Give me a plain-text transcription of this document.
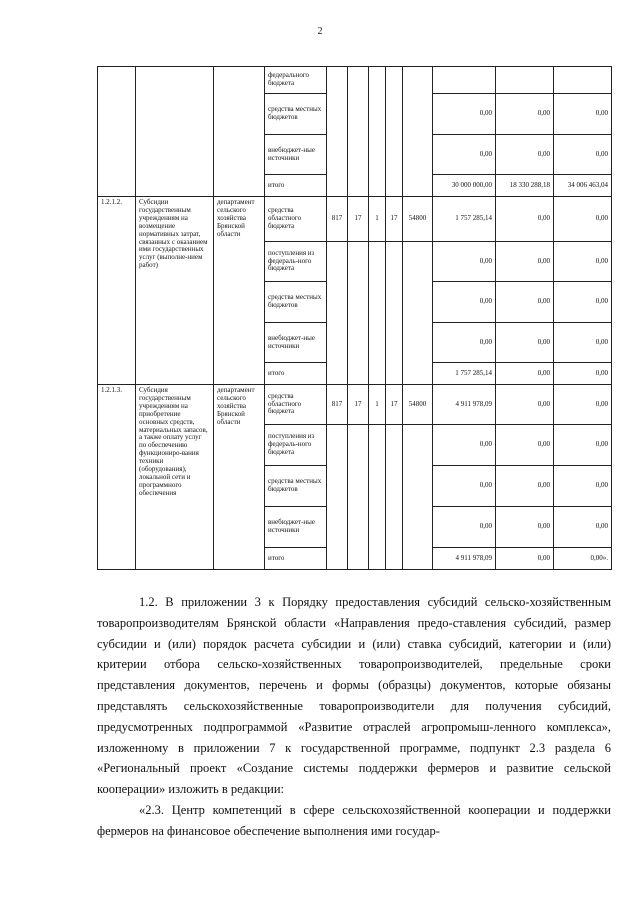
2
			федерального бюджета								
			средства местных бюджетов						0,00	0,00	0,00
			внебюджет-ные источники						0,00	0,00	0,00
			итого						30 000 000,00	18 330 288,18	34 006 463,04
1.2.1.2.	Субсидии государственным учреждениям на возмещение нормативных затрат, связанных с оказанием ими государственных услуг (выполне-нием работ)	департамент сельского хозяйства Брянской области	средства областного бюджета	817	17	1	17	54800	1 757 285,14	0,00	0,00
			поступления из федераль-ного бюджета						0,00	0,00	0,00
			средства местных бюджетов						0,00	0,00	0,00
			внебюджет-ные источники						0,00	0,00	0,00
			итого						1 757 285,14	0,00	0,00
1.2.1.3.	Субсидия государственным учреждениям на приобретение основных средств, материальных запасов, а также оплату услуг по обеспечению функциониро-вания техники (оборудования), локальной сети и программного обеспечения	департамент сельского хозяйства Брянской области	средства областного бюджета	817	17	1	17	54800	4 911 978,09	0,00	0,00
			поступления из федераль-ного бюджета						0,00	0,00	0,00
			средства местных бюджетов						0,00	0,00	0,00
			внебюджет-ные источники						0,00	0,00	0,00
			итого						4 911 978,09	0,00	0,00».

1.2. В приложении 3 к Порядку предоставления субсидий сельско-хозяйственным товаропроизводителям Брянской области «Направления предо-ставления субсидий, размер субсидии и (или) порядок расчета субсидии и (или) ставка субсидий, категории и (или) критерии отбора сельско-хозяйственных товаропроизводителей, предельные сроки представления документов, перечень и формы (образцы) документов, которые обязаны представлять сельскохозяйственные товаропроизводители для получения субсидий, предусмотренных подпрограммой «Развитие отраслей агропромыш-ленного комплекса», изложенному в приложении 7 к государственной программе, подпункт 2.3 раздела 6 «Региональный проект «Создание системы поддержки фермеров и развитие сельской кооперации» изложить в редакции:

«2.3. Центр компетенций в сфере сельскохозяйственной кооперации и поддержки фермеров на финансовое обеспечение выполнения ими государ-
